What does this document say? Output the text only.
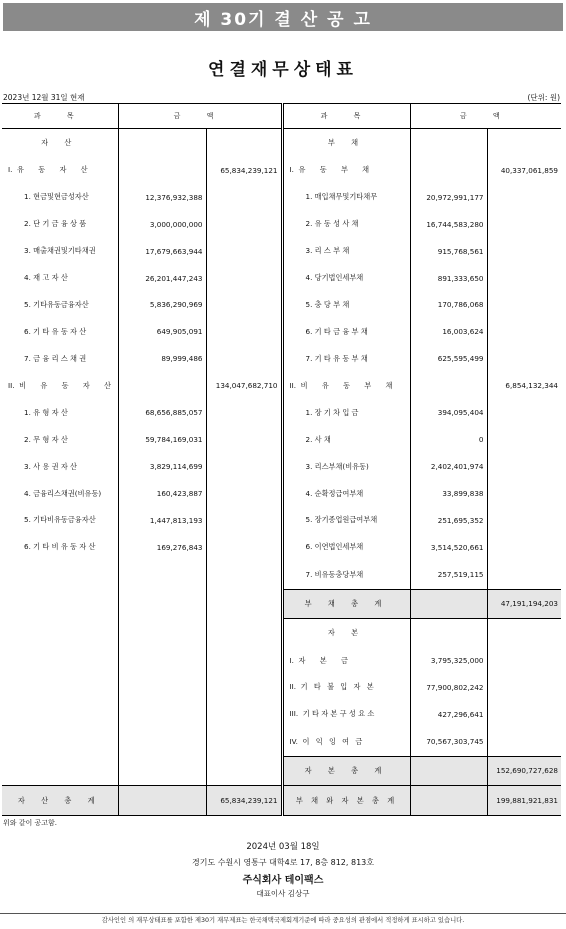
제 30기 결 산 공 고
연결재무상태표
2023년 12월 31일 현재	(단위: 원)
과 목	금 액		과 목	금 액	
자 산			부 채		
I. 유 동 자 산		65,834,239,121	I. 유 동 부 채		40,337,061,859
1. 현금및현금성자산	12,376,932,388		1. 매입채무및기타채무	20,972,991,177	
2. 단 기 금 융 상 품	3,000,000,000		2. 유 동 성 사 채	16,744,583,280	
3. 매출채권및기타채권	17,679,663,944		3. 리 스 부 채	915,768,561	
4. 재 고 자 산	26,201,447,243		4. 당기법인세부채	891,333,650	
5. 기타유동금융자산	5,836,290,969		5. 충 당 부 채	170,786,068	
6. 기 타 유 동 자 산	649,905,091		6. 기 타 금 융 부 채	16,003,624	
7. 금 융 리 스 채 권	89,999,486		7. 기 타 유 동 부 채	625,595,499	
II. 비 유 동 자 산		134,047,682,710	II. 비 유 동 부 채		6,854,132,344
1. 유 형 자 산	68,656,885,057		1. 장 기 차 입 금	394,095,404	
2. 무 형 자 산	59,784,169,031		2. 사 채	0	
3. 사 용 권 자 산	3,829,114,699		3. 리스부채(비유동)	2,402,401,974	
4. 금융리스채권(비유동)	160,423,887		4. 순확정급여부채	33,899,838	
5. 기타비유동금융자산	1,447,813,193		5. 장기종업원급여부채	251,695,352	
6. 기 타 비 유 동 자 산	169,276,843		6. 이연법인세부채	3,514,520,661	
			7. 비유동충당부채	257,519,115	
			부 채 총 계		47,191,194,203
			자 본		
			I. 자 본 금	3,795,325,000	
			II. 기 타 불 입 자 본	77,900,802,242	
			III. 기 타 자 본 구 성 요 소	427,296,641	
			IV. 이 익 잉 여 금	70,567,303,745	
			자 본 총 계		152,690,727,628
자 산 총 계		65,834,239,121	부 채 와 자 본 총 계		199,881,921,831
위와 같이 공고함.
2024년 03월 18일
경기도 수원시 영통구 대학4로 17, 8층 812, 813호
주식회사 테이팩스
대표이사 김상구
감사인인 의 재무상태표를 포함한 제30기 재무제표는 한국채택국제회계기준에 따라 중요성의 관점에서 적정하게 표시하고 있습니다.
